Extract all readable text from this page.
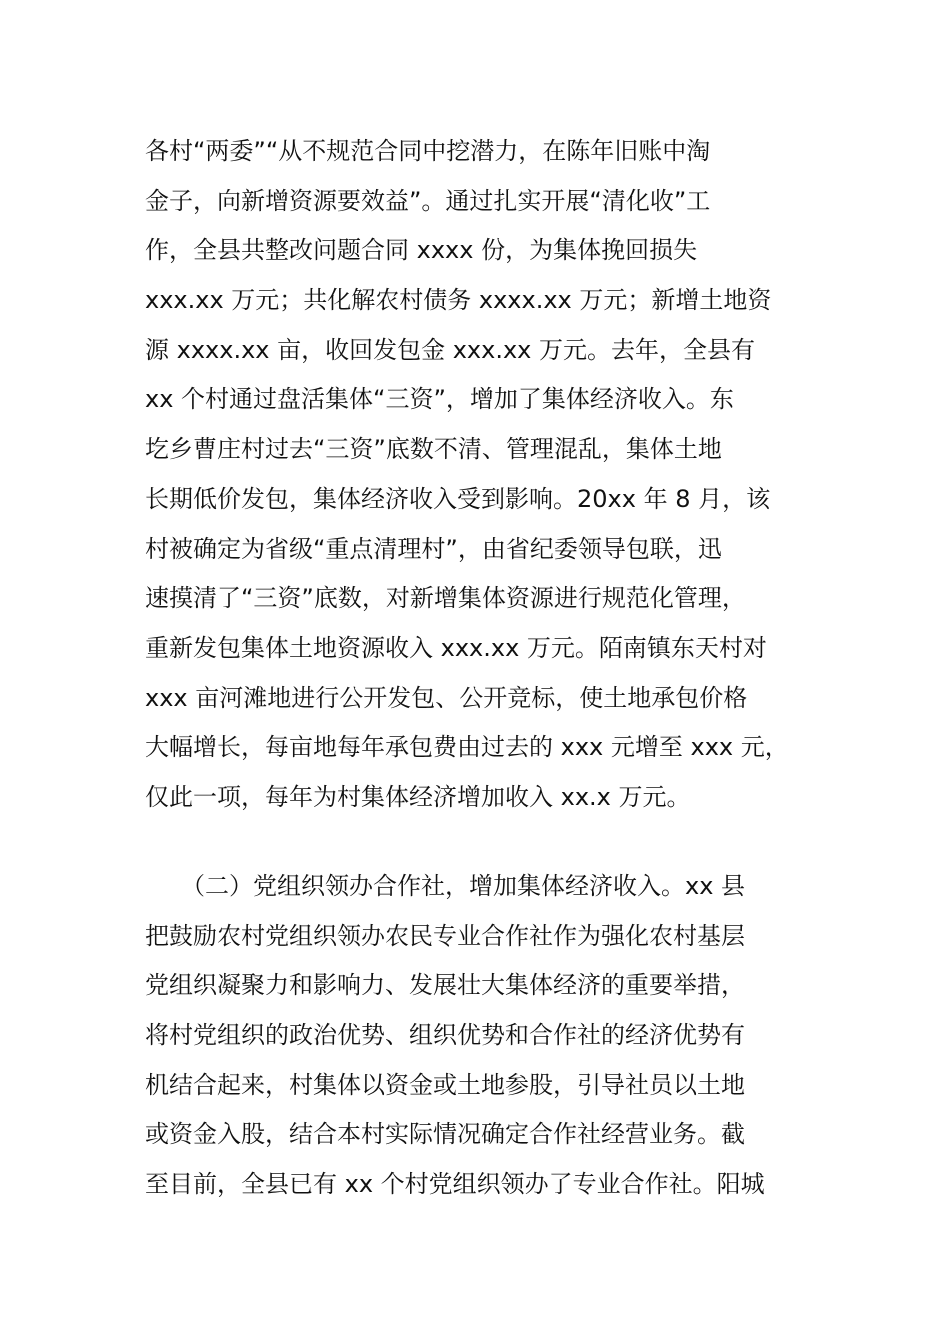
各村“两委”“从不规范合同中挖潜力，在陈年旧账中淘
金子，向新增资源要效益”。通过扎实开展“清化收”工
作，全县共整改问题合同 xxxx 份，为集体挽回损失
xxx.xx 万元；共化解农村债务 xxxx.xx 万元；新增土地资
源 xxxx.xx 亩，收回发包金 xxx.xx 万元。去年，全县有
xx 个村通过盘活集体“三资”，增加了集体经济收入。东
圪乡曹庄村过去“三资”底数不清、管理混乱，集体土地
长期低价发包，集体经济收入受到影响。20xx 年 8 月，该
村被确定为省级“重点清理村”，由省纪委领导包联，迅
速摸清了“三资”底数，对新增集体资源进行规范化管理，
重新发包集体土地资源收入 xxx.xx 万元。陌南镇东天村对
xxx 亩河滩地进行公开发包、公开竞标，使土地承包价格
大幅增长，每亩地每年承包费由过去的 xxx 元增至 xxx 元，
仅此一项，每年为村集体经济增加收入 xx.x 万元。
　　（二）党组织领办合作社，增加集体经济收入。xx 县
把鼓励农村党组织领办农民专业合作社作为强化农村基层
党组织凝聚力和影响力、发展壮大集体经济的重要举措，
将村党组织的政治优势、组织优势和合作社的经济优势有
机结合起来，村集体以资金或土地参股，引导社员以土地
或资金入股，结合本村实际情况确定合作社经营业务。截
至目前，全县已有 xx 个村党组织领办了专业合作社。阳城
